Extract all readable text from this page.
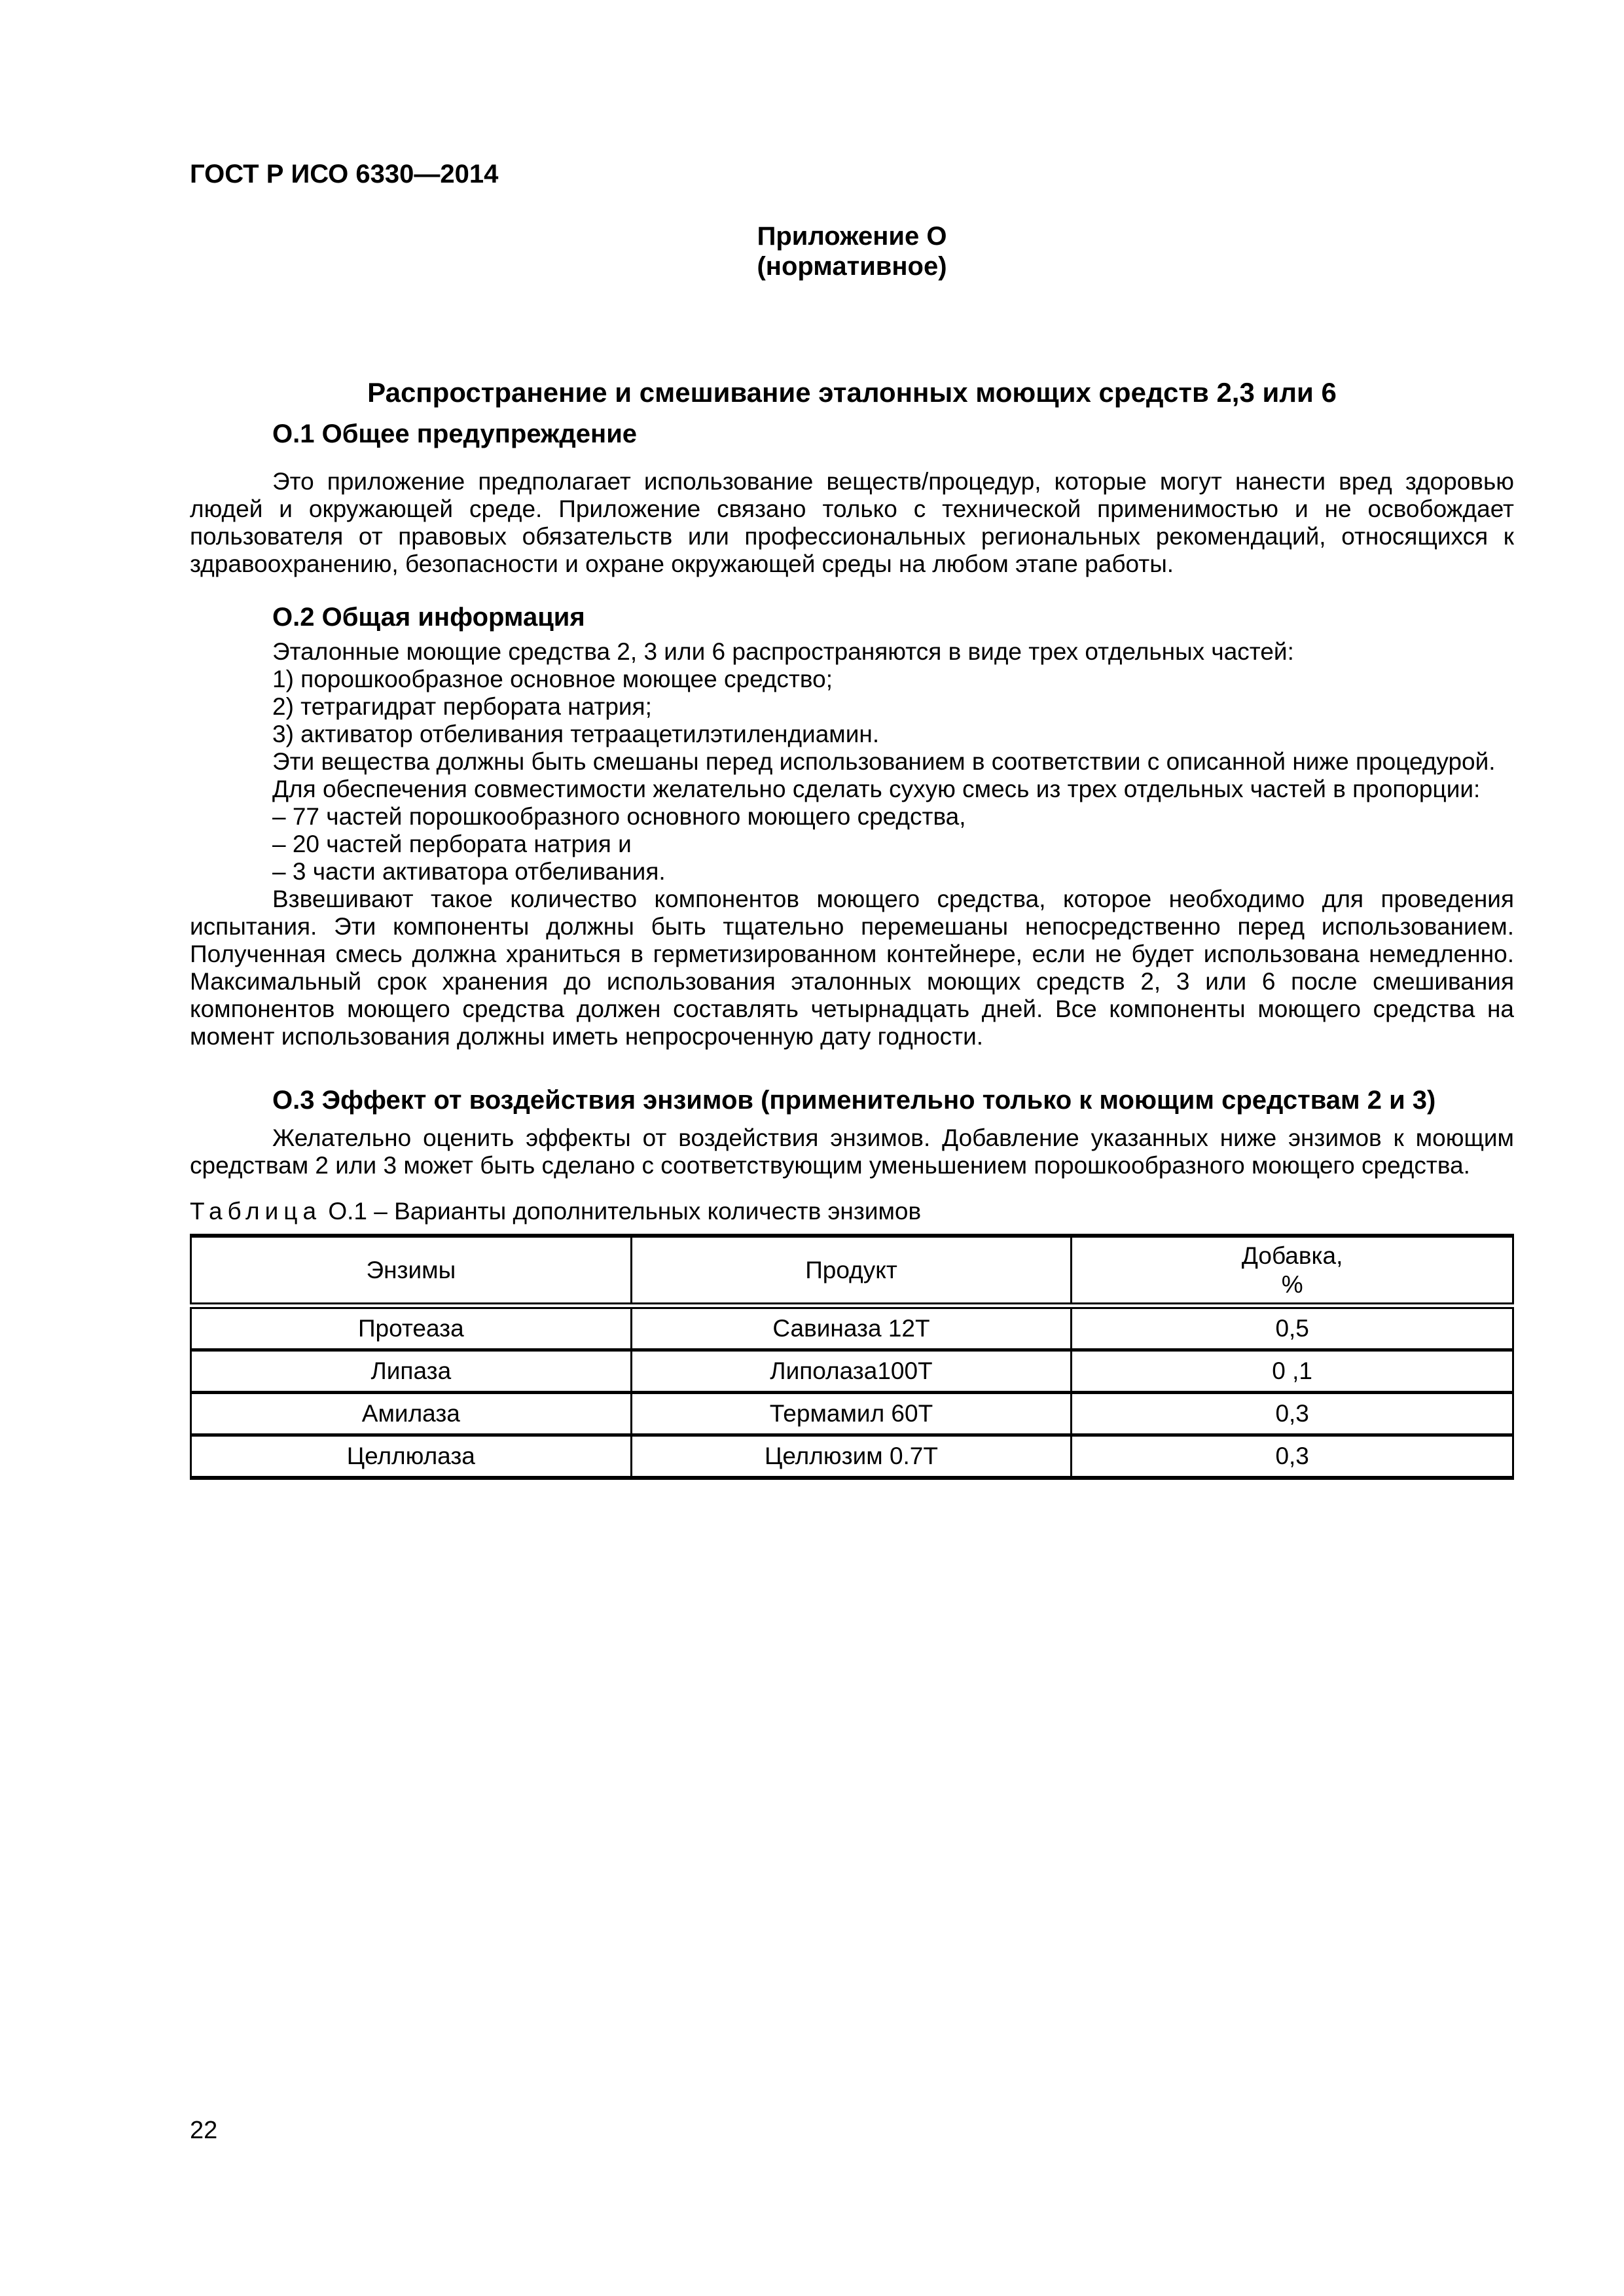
ГОСТ Р ИСО 6330—2014
Приложение О
(нормативное)
Распространение и смешивание эталонных моющих средств 2,3 или 6
О.1 Общее предупреждение
Это приложение предполагает использование веществ/процедур, которые могут нанести вред здоровью людей и окружающей среде. Приложение связано только с технической применимостью и не освобождает пользователя от правовых обязательств или профессиональных региональных рекомендаций, относящихся к здравоохранению, безопасности и охране окружающей среды на любом этапе работы.
О.2 Общая информация
Эталонные моющие средства 2, 3 или 6 распространяются в виде трех отдельных частей:
1) порошкообразное основное моющее средство;
2) тетрагидрат пербората натрия;
3) активатор отбеливания тетраацетилэтилендиамин.
Эти вещества должны быть смешаны перед использованием в соответствии с описанной ниже процедурой.
Для обеспечения совместимости желательно сделать сухую смесь из трех отдельных частей в пропорции:
– 77 частей порошкообразного основного моющего средства,
– 20 частей пербората натрия и
– 3 части активатора отбеливания.
Взвешивают такое количество компонентов моющего средства, которое необходимо для проведения испытания. Эти компоненты должны быть тщательно перемешаны непосредственно перед использованием. Полученная смесь должна храниться в герметизированном контейнере, если не будет использована немедленно. Максимальный срок хранения до использования эталонных моющих средств 2, 3 или 6 после смешивания компонентов моющего средства должен составлять четырнадцать дней. Все компоненты моющего средства на момент использования должны иметь непросроченную дату годности.
О.3 Эффект от воздействия энзимов (применительно только к моющим средствам 2 и 3)
Желательно оценить эффекты от воздействия энзимов. Добавление указанных ниже энзимов к моющим средствам 2 или 3 может быть сделано с соответствующим уменьшением порошкообразного моющего средства.
Таблица О.1 – Варианты дополнительных количеств энзимов
Энзимы	Продукт	Добавка,
%
Протеаза	Савиназа 12Т	0,5
Липаза	Липолаза100Т	0 ,1
Амилаза	Термамил 60Т	0,3
Целлюлаза	Целлюзим 0.7Т	0,3
22
